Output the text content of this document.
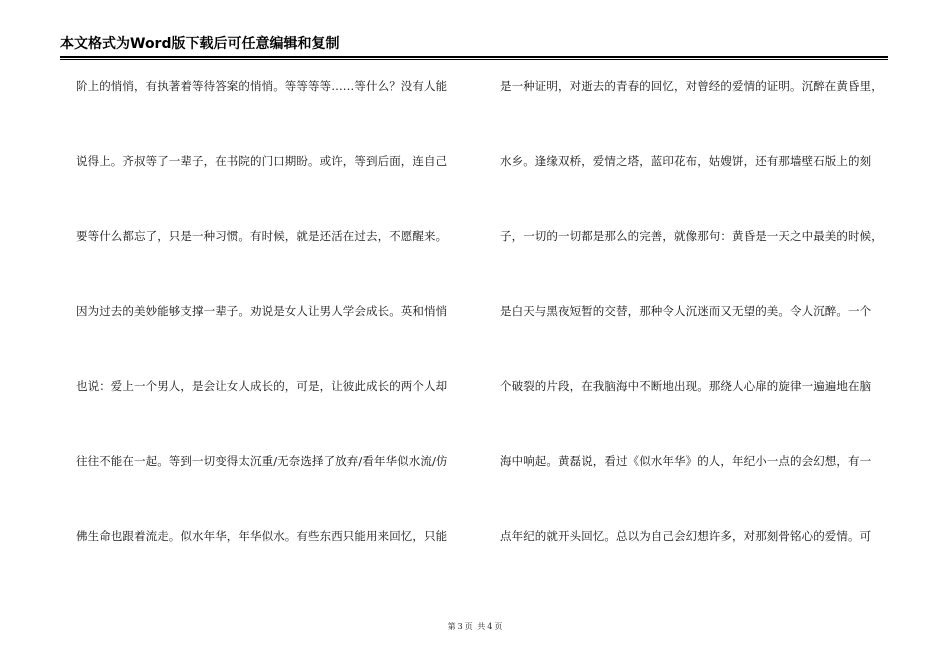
本文格式为Word版下载后可任意编辑和复制
阶上的悄悄，有执著着等待答案的悄悄。等等等等……等什么？没有人能
说得上。齐叔等了一辈子，在书院的门口期盼。或许，等到后面，连自己
要等什么都忘了，只是一种习惯。有时候，就是还活在过去，不愿醒来。
因为过去的美妙能够支撑一辈子。劝说是女人让男人学会成长。英和悄悄
也说：爱上一个男人，是会让女人成长的，可是，让彼此成长的两个人却
往往不能在一起。等到一切变得太沉重/无奈选择了放弃/看年华似水流/仿
佛生命也跟着流走。似水年华，年华似水。有些东西只能用来回忆，只能
是一种证明，对逝去的青春的回忆，对曾经的爱情的证明。沉醉在黄昏里，
水乡。逢缘双桥，爱情之塔，蓝印花布，姑嫂饼，还有那墙壁石版上的刻
子，一切的一切都是那么的完善，就像那句：黄昏是一天之中最美的时候，
是白天与黑夜短暂的交替，那种令人沉迷而又无望的美。令人沉醉。一个
个破裂的片段，在我脑海中不断地出现。那绕人心扉的旋律一遍遍地在脑
海中响起。黄磊说，看过《似水年华》的人，年纪小一点的会幻想，有一
点年纪的就开头回忆。总以为自己会幻想许多，对那刻骨铭心的爱情。可
第 3 页 共 4 页
